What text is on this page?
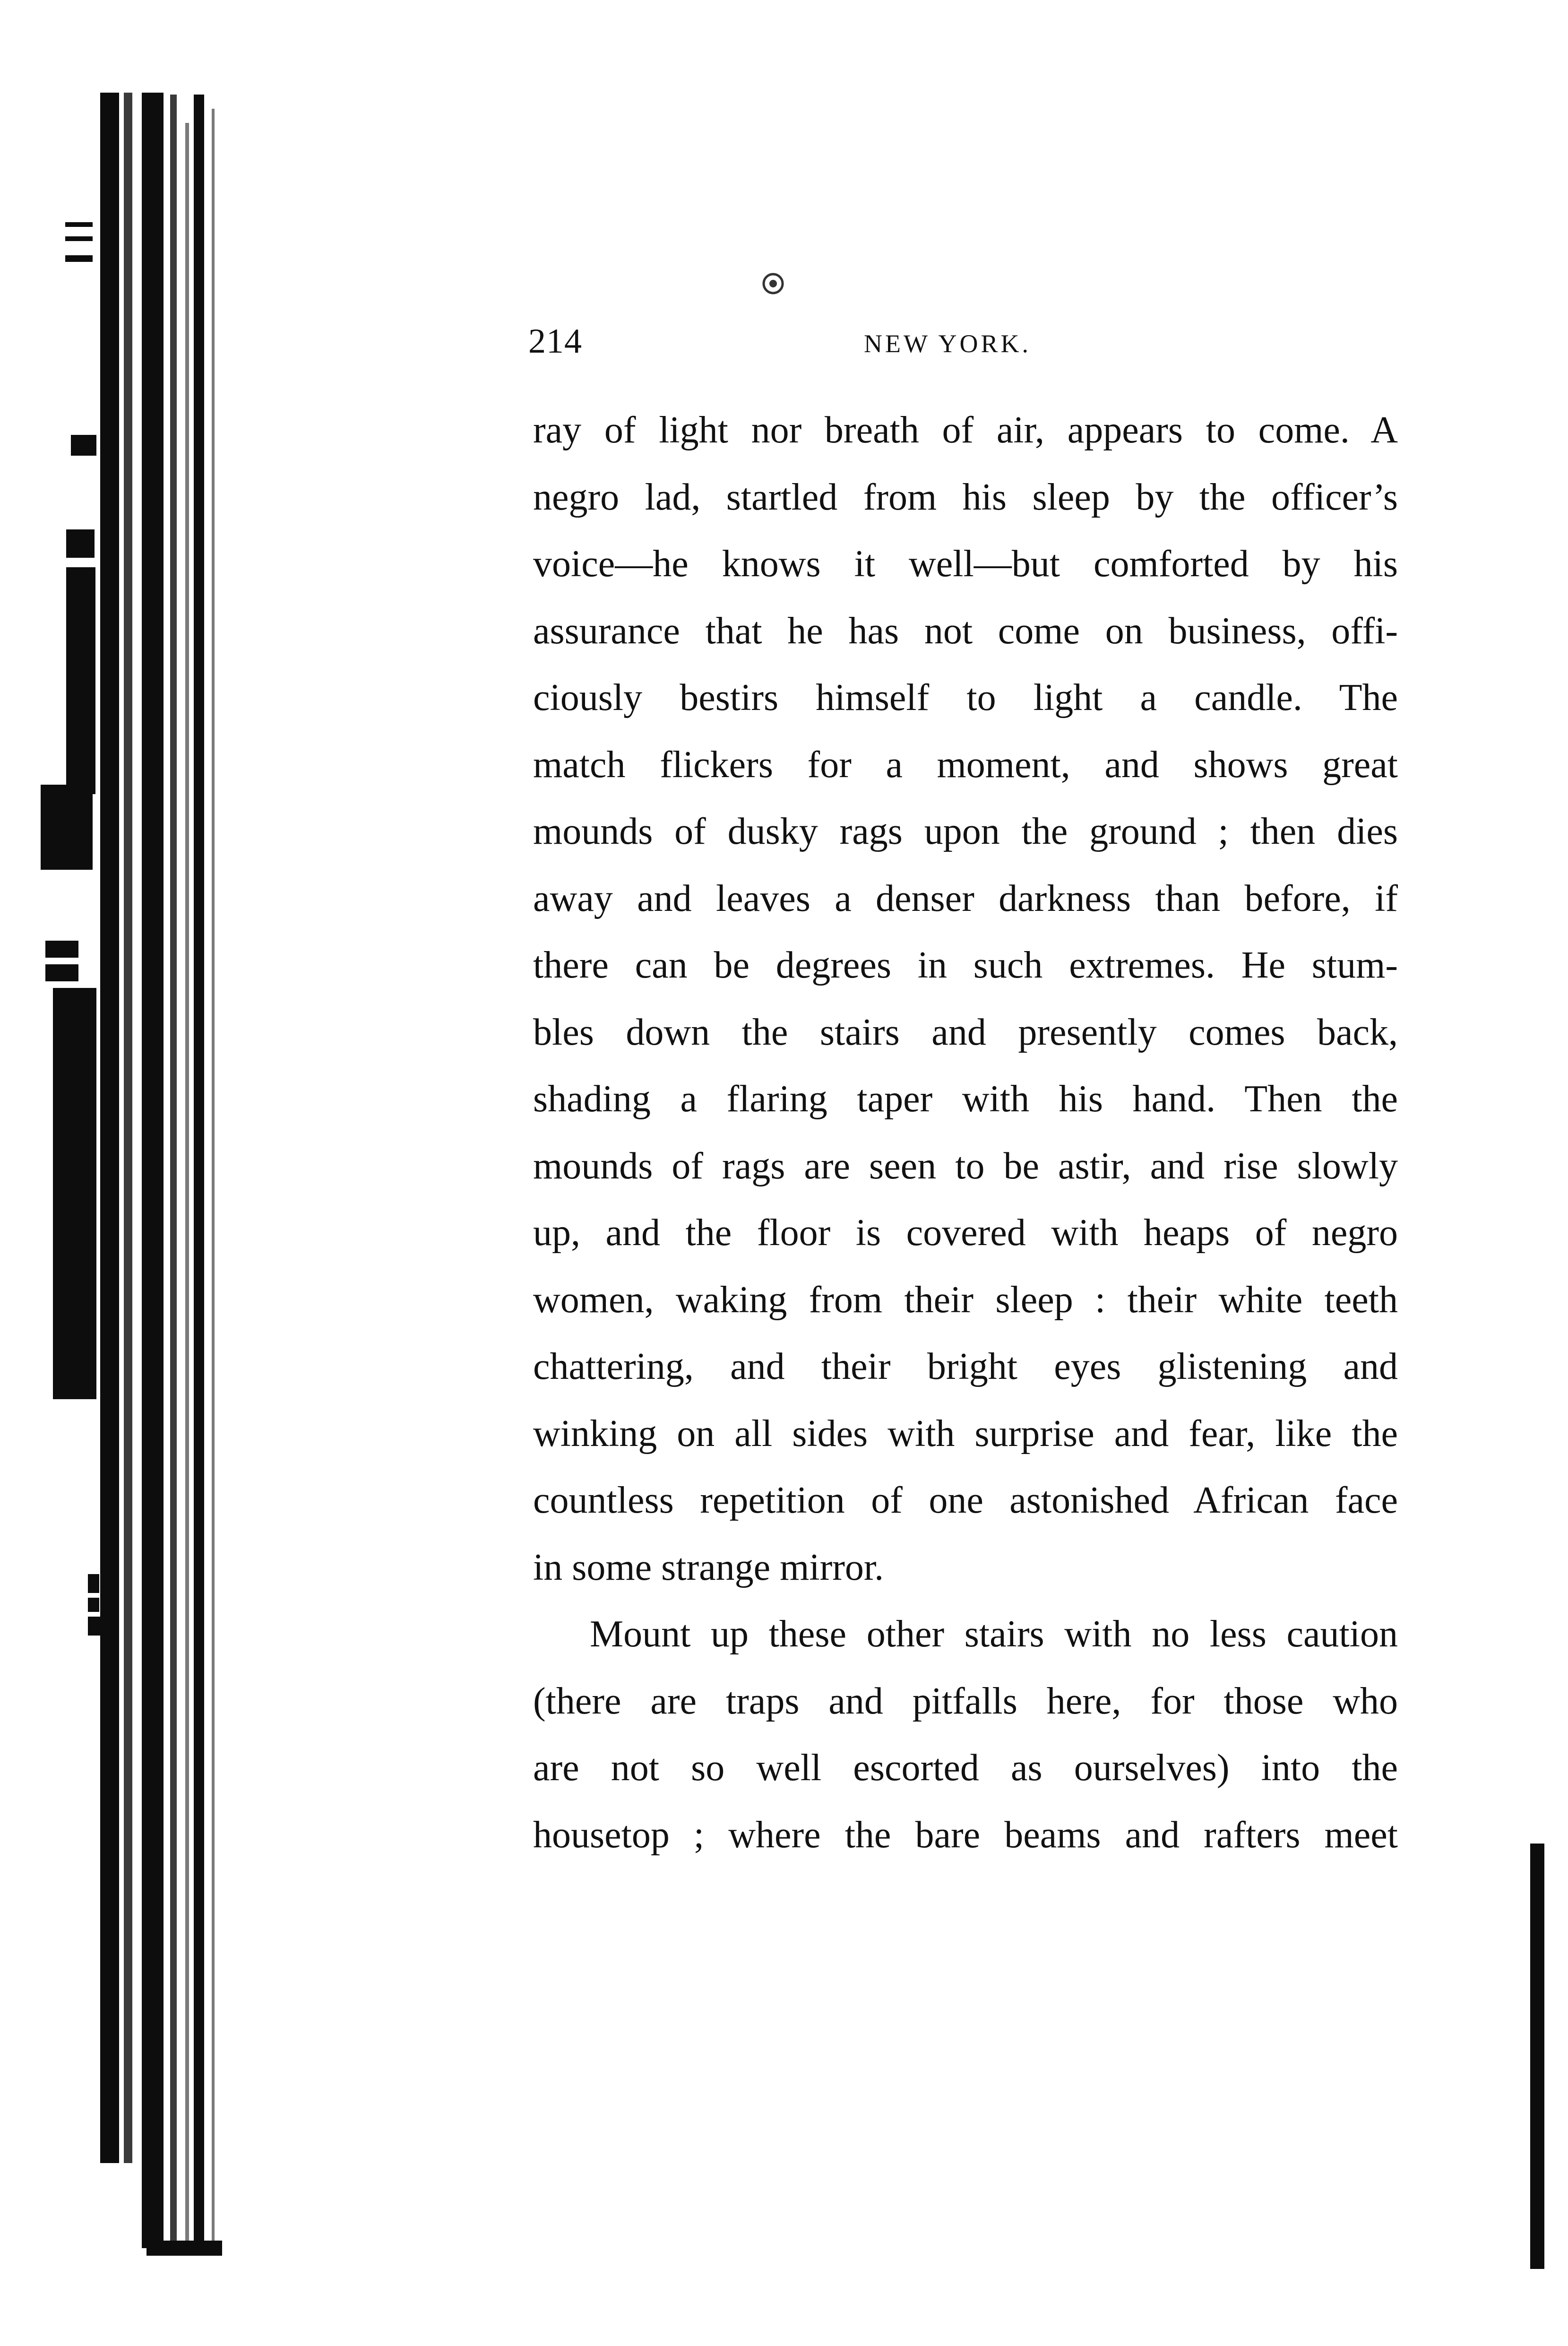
214	NEW YORK.
ray of light nor breath of air, appears to come. A
negro lad, startled from his sleep by the officer’s
voice—he knows it well—but comforted by his
assurance that he has not come on business, offi-
ciously bestirs himself to light a candle. The
match flickers for a moment, and shows great
mounds of dusky rags upon the ground ; then dies
away and leaves a denser darkness than before, if
there can be degrees in such extremes. He stum-
bles down the stairs and presently comes back,
shading a flaring taper with his hand. Then the
mounds of rags are seen to be astir, and rise slowly
up, and the floor is covered with heaps of negro
women, waking from their sleep : their white teeth
chattering, and their bright eyes glistening and
winking on all sides with surprise and fear, like the
countless repetition of one astonished African face
in some strange mirror.
Mount up these other stairs with no less caution
(there are traps and pitfalls here, for those who
are not so well escorted as ourselves) into the
housetop ; where the bare beams and rafters meet
